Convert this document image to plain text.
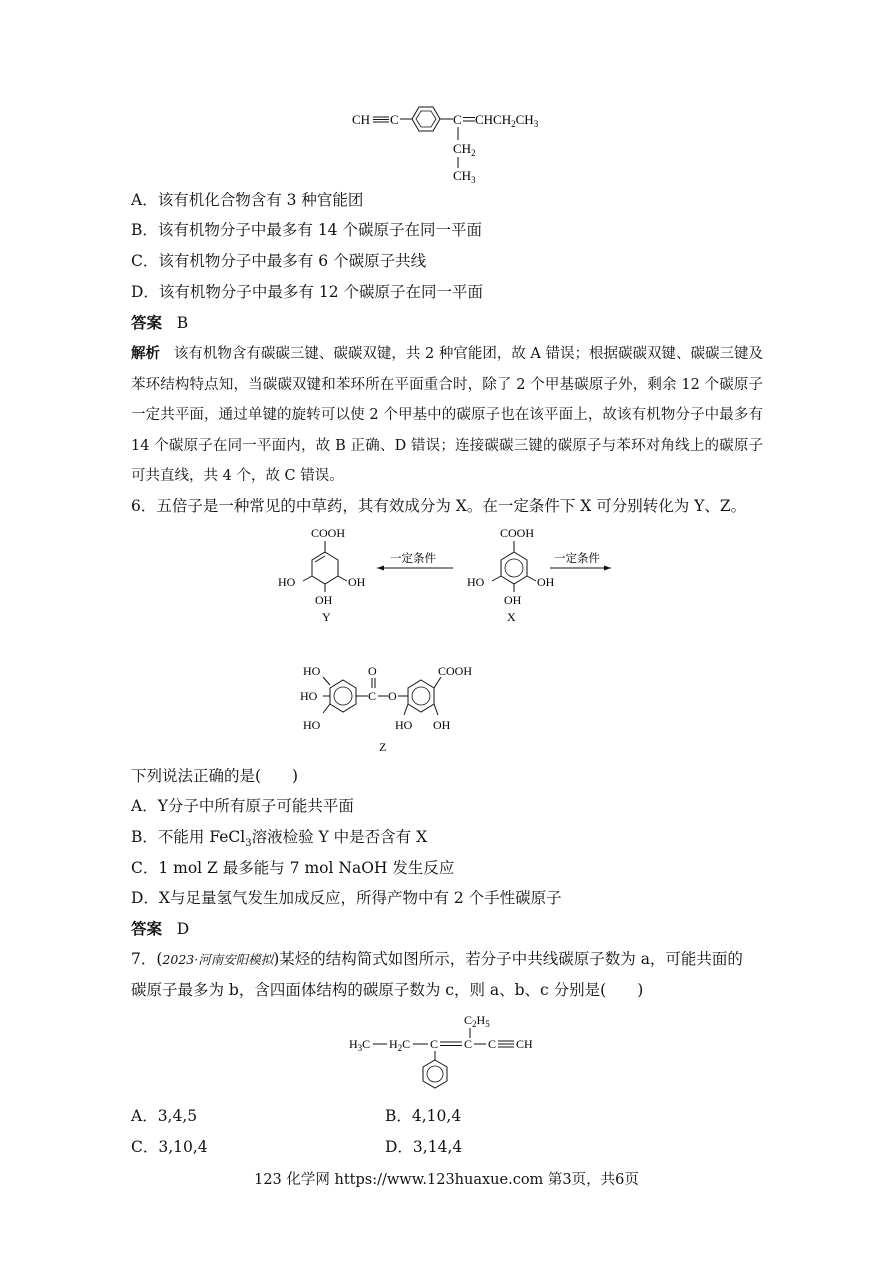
CH C	C $CHCH_2CH_3$
$CH_2$
$CH_3$
A．该有机化合物含有 3 种官能团
B．该有机物分子中最多有 14 个碳原子在同一平面
C．该有机物分子中最多有 6 个碳原子共线
D．该有机物分子中最多有 12 个碳原子在同一平面
答案 B
解析 该有机物含有碳碳三键、碳碳双键，共 2 种官能团，故 A 错误；根据碳碳双键、碳碳三键及苯环结构特点知，当碳碳双键和苯环所在平面重合时，除了 2 个甲基碳原子外，剩余 12 个碳原子一定共平面，通过单键的旋转可以使 2 个甲基中的碳原子也在该平面上，故该有机物分子中最多有 14 个碳原子在同一平面内，故 B 正确、D 错误；连接碳碳三键的碳原子与苯环对角线上的碳原子可共直线，共 4 个，故 C 错误。
6．五倍子是一种常见的中草药，其有效成分为 X。在一定条件下 X 可分别转化为 Y、Z。
COOH
HO	OH
OH
Y
一定条件
COOH
HO	OH
OH
X
一定条件
HO
HO
HO
C
O
O
COOH
HO OH
Z
下列说法正确的是(　　)
A．Y分子中所有原子可能共平面
B．不能用 FeCl$_3$溶液检验 Y 中是否含有 X
C．1 mol Z 最多能与 7 mol NaOH 发生反应
D．X与足量氢气发生加成反应，所得产物中有 2 个手性碳原子
答案 D
7．(2023·河南安阳模拟)某烃的结构简式如图所示，若分子中共线碳原子数为 a，可能共面的
碳原子最多为 b，含四面体结构的碳原子数为 c，则 a、b、c 分别是(　　)
$C_2H_5$
$H_3C$ $H_2C$ C C C CH
A．3,4,5	B．4,10,4
C．3,10,4	D．3,14,4
123 化学网 https://www.123huaxue.com 第3页，共6页
